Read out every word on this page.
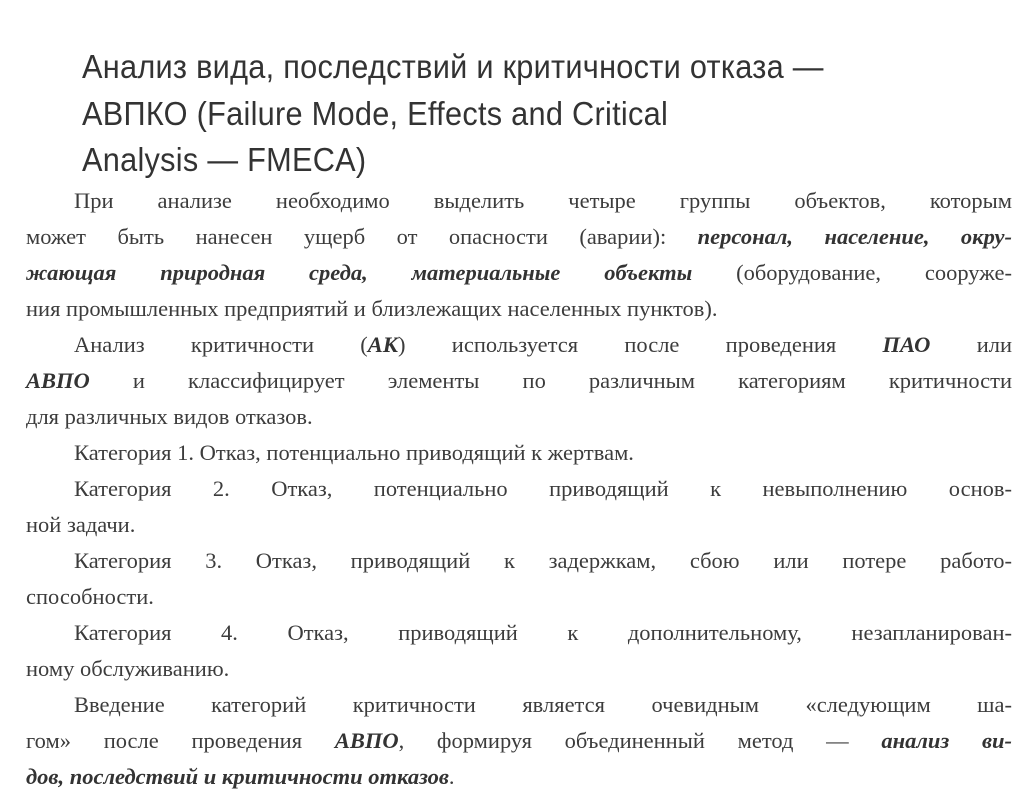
Анализ вида, последствий и критичности отказа —
АВПКО (Failure Mode, Effects and Critical
Analysis — FMECA)
При анализе необходимо выделить четыре группы объектов, которым
может быть нанесен ущерб от опасности (аварии): персонал, население, окру-
жающая природная среда, материальные объекты (оборудование, сооруже-
ния промышленных предприятий и близлежащих населенных пунктов).
Анализ критичности (АК) используется после проведения ПАО или
АВПО и классифицирует элементы по различным категориям критичности
для различных видов отказов.
Категория 1. Отказ, потенциально приводящий к жертвам.
Категория 2. Отказ, потенциально приводящий к невыполнению основ-
ной задачи.
Категория 3. Отказ, приводящий к задержкам, сбою или потере работо-
способности.
Категория 4. Отказ, приводящий к дополнительному, незапланирован-
ному обслуживанию.
Введение категорий критичности является очевидным «следующим ша-
гом» после проведения АВПО, формируя объединенный метод — анализ ви-
дов, последствий и критичности отказов.
